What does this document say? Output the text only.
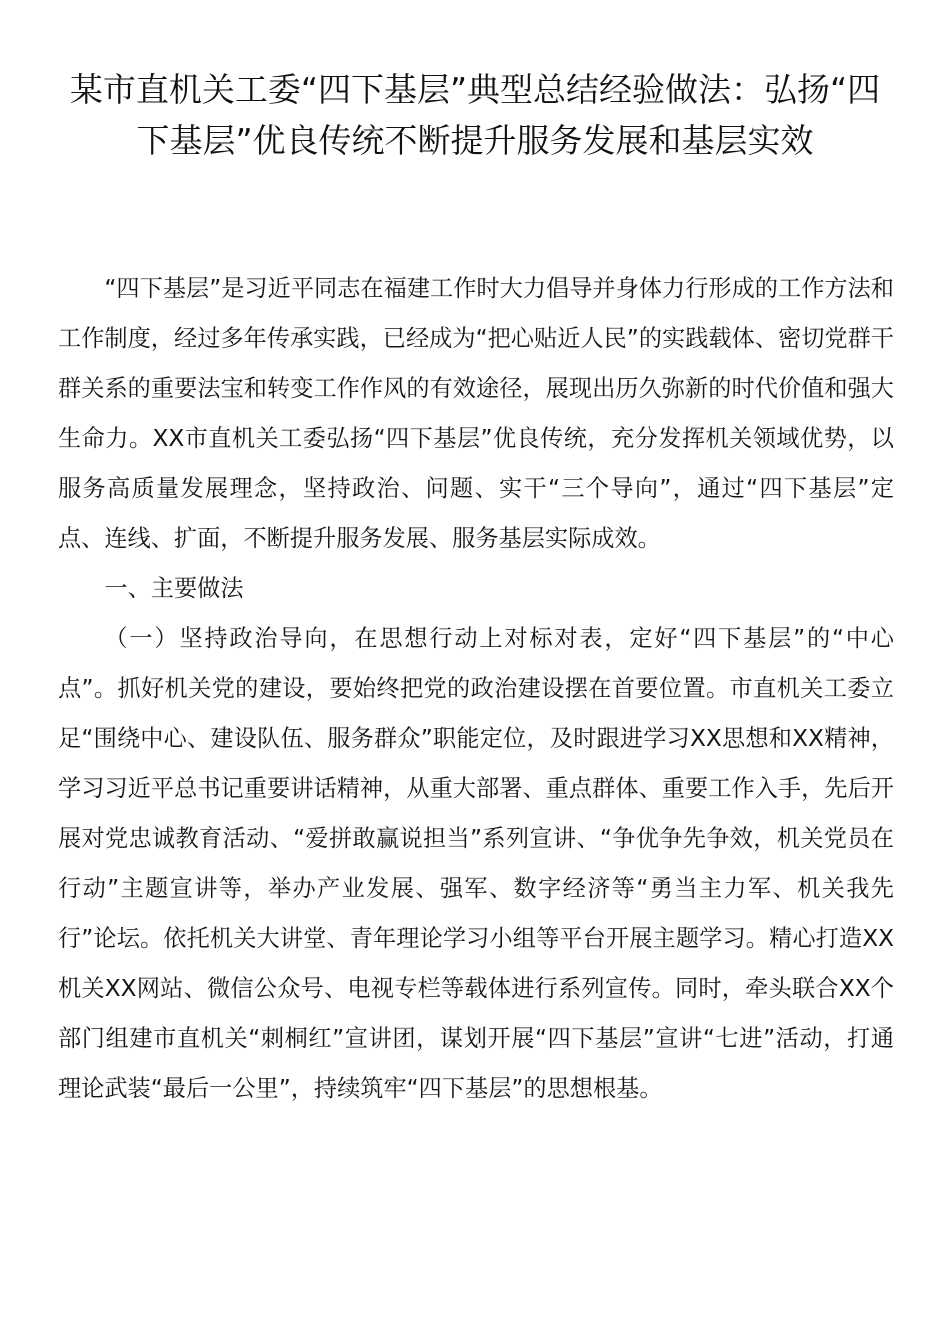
某市直机关工委“四下基层”典型总结经验做法：弘扬“四下基层”优良传统不断提升服务发展和基层实效

“四下基层”是习近平同志在福建工作时大力倡导并身体力行形成的工作方法和工作制度，经过多年传承实践，已经成为“把心贴近人民”的实践载体、密切党群干群关系的重要法宝和转变工作作风的有效途径，展现出历久弥新的时代价值和强大生命力。XX市直机关工委弘扬“四下基层”优良传统，充分发挥机关领域优势，以服务高质量发展理念，坚持政治、问题、实干“三个导向”，通过“四下基层”定点、连线、扩面，不断提升服务发展、服务基层实际成效。

一、主要做法

（一）坚持政治导向，在思想行动上对标对表，定好“四下基层”的“中心点”。抓好机关党的建设，要始终把党的政治建设摆在首要位置。市直机关工委立足“围绕中心、建设队伍、服务群众”职能定位，及时跟进学习XX思想和XX精神，学习习近平总书记重要讲话精神，从重大部署、重点群体、重要工作入手，先后开展对党忠诚教育活动、“爱拼敢赢说担当”系列宣讲、“争优争先争效，机关党员在行动”主题宣讲等，举办产业发展、强军、数字经济等“勇当主力军、机关我先行”论坛。依托机关大讲堂、青年理论学习小组等平台开展主题学习。精心打造XX机关XX网站、微信公众号、电视专栏等载体进行系列宣传。同时，牵头联合XX个部门组建市直机关“刺桐红”宣讲团，谋划开展“四下基层”宣讲“七进”活动，打通理论武装“最后一公里”，持续筑牢“四下基层”的思想根基。
